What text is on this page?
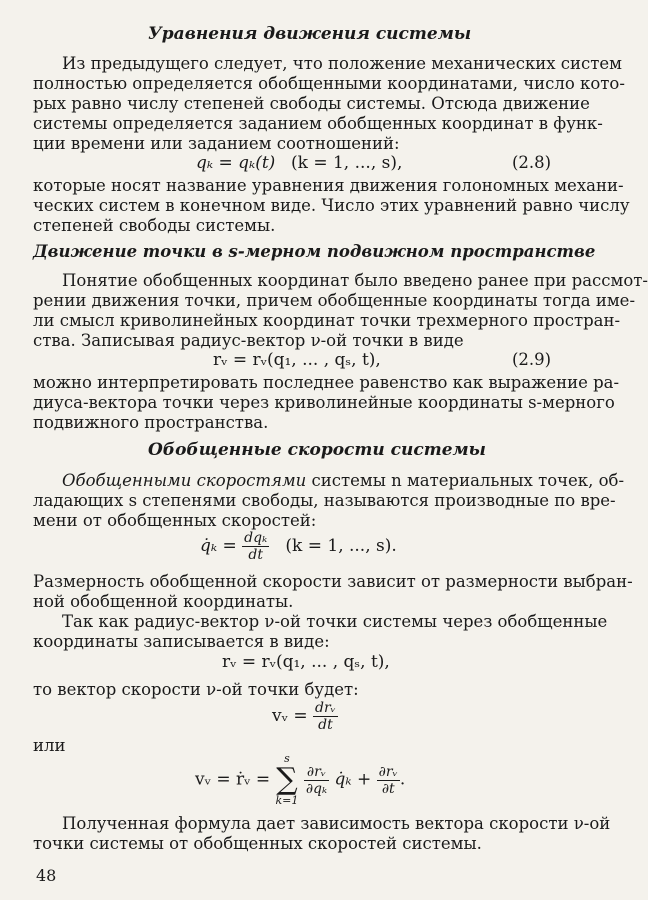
Уравнения движения системы
Из предыдущего следует, что положение механических систем
полностью определяется обобщенными координатами, число кото-
рых равно числу степеней свободы системы. Отсюда движение
системы определяется заданием обобщенных координат в функ-
ции времени или заданием соотношений:
qₖ = qₖ(t) (k = 1, ..., s),	(2.8)
которые носят название уравнения движения голономных механи-
ческих систем в конечном виде. Число этих уравнений равно числу
степеней свободы системы.
Движение точки в s-мерном подвижном пространстве
Понятие обобщенных координат было введено ранее при рассмот-
рении движения точки, причем обобщенные координаты тогда име-
ли смысл криволинейных координат точки трехмерного простран-
ства. Записывая радиус-вектор ν-ой точки в виде
rᵥ = rᵥ(q₁, ... , qₛ, t),	(2.9)
можно интерпретировать последнее равенство как выражение ра-
диуса-вектора точки через криволинейные координаты s-мерного
подвижного пространства.
Обобщенные скорости системы
Обобщенными скоростями системы n материальных точек, об-
ладающих s степенями свободы, называются производные по вре-
мени от обобщенных скоростей:
q̇ₖ = $\frac{\text{dqₖ}}{dt} (k = 1$, ..., s).
Размерность обобщенной скорости зависит от размерности выбран-
ной обобщенной координаты.
Так как радиус-вектор ν-ой точки системы через обобщенные
координаты записывается в виде:
rᵥ = rᵥ(q₁, ... , qₛ, t),
то вектор скорости ν-ой точки будет:
vᵥ = $\frac{\text{drᵥ}}{dt}$
или
vᵥ = ṙᵥ =
s
∑
k=1

$\frac{\text{∂rᵥ}}{\text{∂qₖ}}$ q̇ₖ + $\frac{\text{∂rᵥ}}{\partial t}$ .
Полученная формула дает зависимость вектора скорости ν-ой
точки системы от обобщенных скоростей системы.
48
